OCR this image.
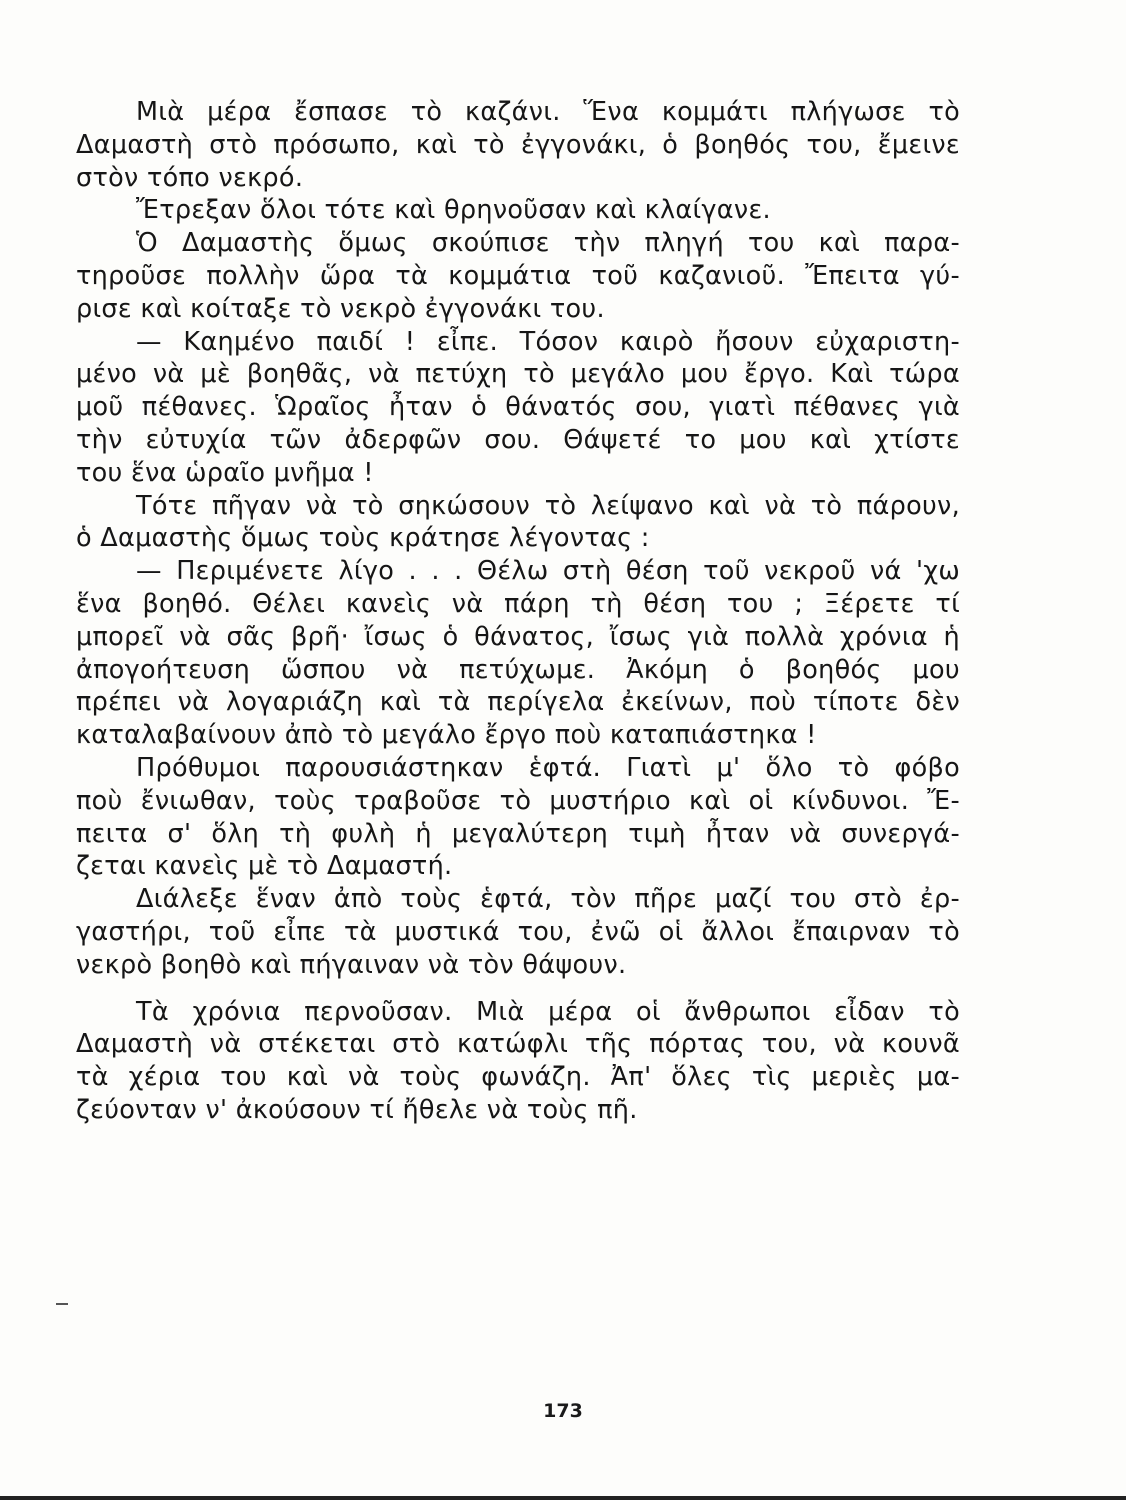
Μιὰ μέρα ἔσπασε τὸ καζάνι. Ἕνα κομμάτι πλήγωσε τὸ
Δαμαστὴ στὸ πρόσωπο, καὶ τὸ ἐγγονάκι, ὁ βοηθός του, ἔμεινε
στὸν τόπο νεκρό.
Ἔτρεξαν ὅλοι τότε καὶ θρηνοῦσαν καὶ κλαίγανε.
Ὁ Δαμαστὴς ὅμως σκούπισε τὴν πληγή του καὶ παρα-
τηροῦσε πολλὴν ὥρα τὰ κομμάτια τοῦ καζανιοῦ. Ἔπειτα γύ-
ρισε καὶ κοίταξε τὸ νεκρὸ ἐγγονάκι του.
— Καημένο παιδί ! εἶπε. Τόσον καιρὸ ἤσουν εὐχαριστη-
μένο νὰ μὲ βοηθᾶς, νὰ πετύχη τὸ μεγάλο μου ἔργο. Καὶ τώρα
μοῦ πέθανες. Ὡραῖος ἦταν ὁ θάνατός σου, γιατὶ πέθανες γιὰ
τὴν εὐτυχία τῶν ἀδερφῶν σου. Θάψετέ το μου καὶ χτίστε
του ἕνα ὡραῖο μνῆμα !
Τότε πῆγαν νὰ τὸ σηκώσουν τὸ λείψανο καὶ νὰ τὸ πάρουν,
ὁ Δαμαστὴς ὅμως τοὺς κράτησε λέγοντας :
— Περιμένετε λίγο . . . Θέλω στὴ θέση τοῦ νεκροῦ νά 'χω
ἕνα βοηθό. Θέλει κανεὶς νὰ πάρη τὴ θέση του ; Ξέρετε τί
μπορεῖ νὰ σᾶς βρῆ· ἴσως ὁ θάνατος, ἴσως γιὰ πολλὰ χρόνια ἡ
ἀπογοήτευση ὥσπου νὰ πετύχωμε. Ἀκόμη ὁ βοηθός μου
πρέπει νὰ λογαριάζη καὶ τὰ περίγελα ἐκείνων, ποὺ τίποτε δὲν
καταλαβαίνουν ἀπὸ τὸ μεγάλο ἔργο ποὺ καταπιάστηκα !
Πρόθυμοι παρουσιάστηκαν ἑφτά. Γιατὶ μ' ὅλο τὸ φόβο
ποὺ ἔνιωθαν, τοὺς τραβοῦσε τὸ μυστήριο καὶ οἱ κίνδυνοι. Ἔ-
πειτα σ' ὅλη τὴ φυλὴ ἡ μεγαλύτερη τιμὴ ἦταν νὰ συνεργά-
ζεται κανεὶς μὲ τὸ Δαμαστή.
Διάλεξε ἕναν ἀπὸ τοὺς ἑφτά, τὸν πῆρε μαζί του στὸ ἐρ-
γαστήρι, τοῦ εἶπε τὰ μυστικά του, ἐνῶ οἱ ἄλλοι ἔπαιρναν τὸ
νεκρὸ βοηθὸ καὶ πήγαιναν νὰ τὸν θάψουν.
Τὰ χρόνια περνοῦσαν. Μιὰ μέρα οἱ ἄνθρωποι εἶδαν τὸ
Δαμαστὴ νὰ στέκεται στὸ κατώφλι τῆς πόρτας του, νὰ κουνᾶ
τὰ χέρια του καὶ νὰ τοὺς φωνάζη. Ἀπ' ὅλες τὶς μεριὲς μα-
ζεύονταν ν' ἀκούσουν τί ἤθελε νὰ τοὺς πῆ.
173
